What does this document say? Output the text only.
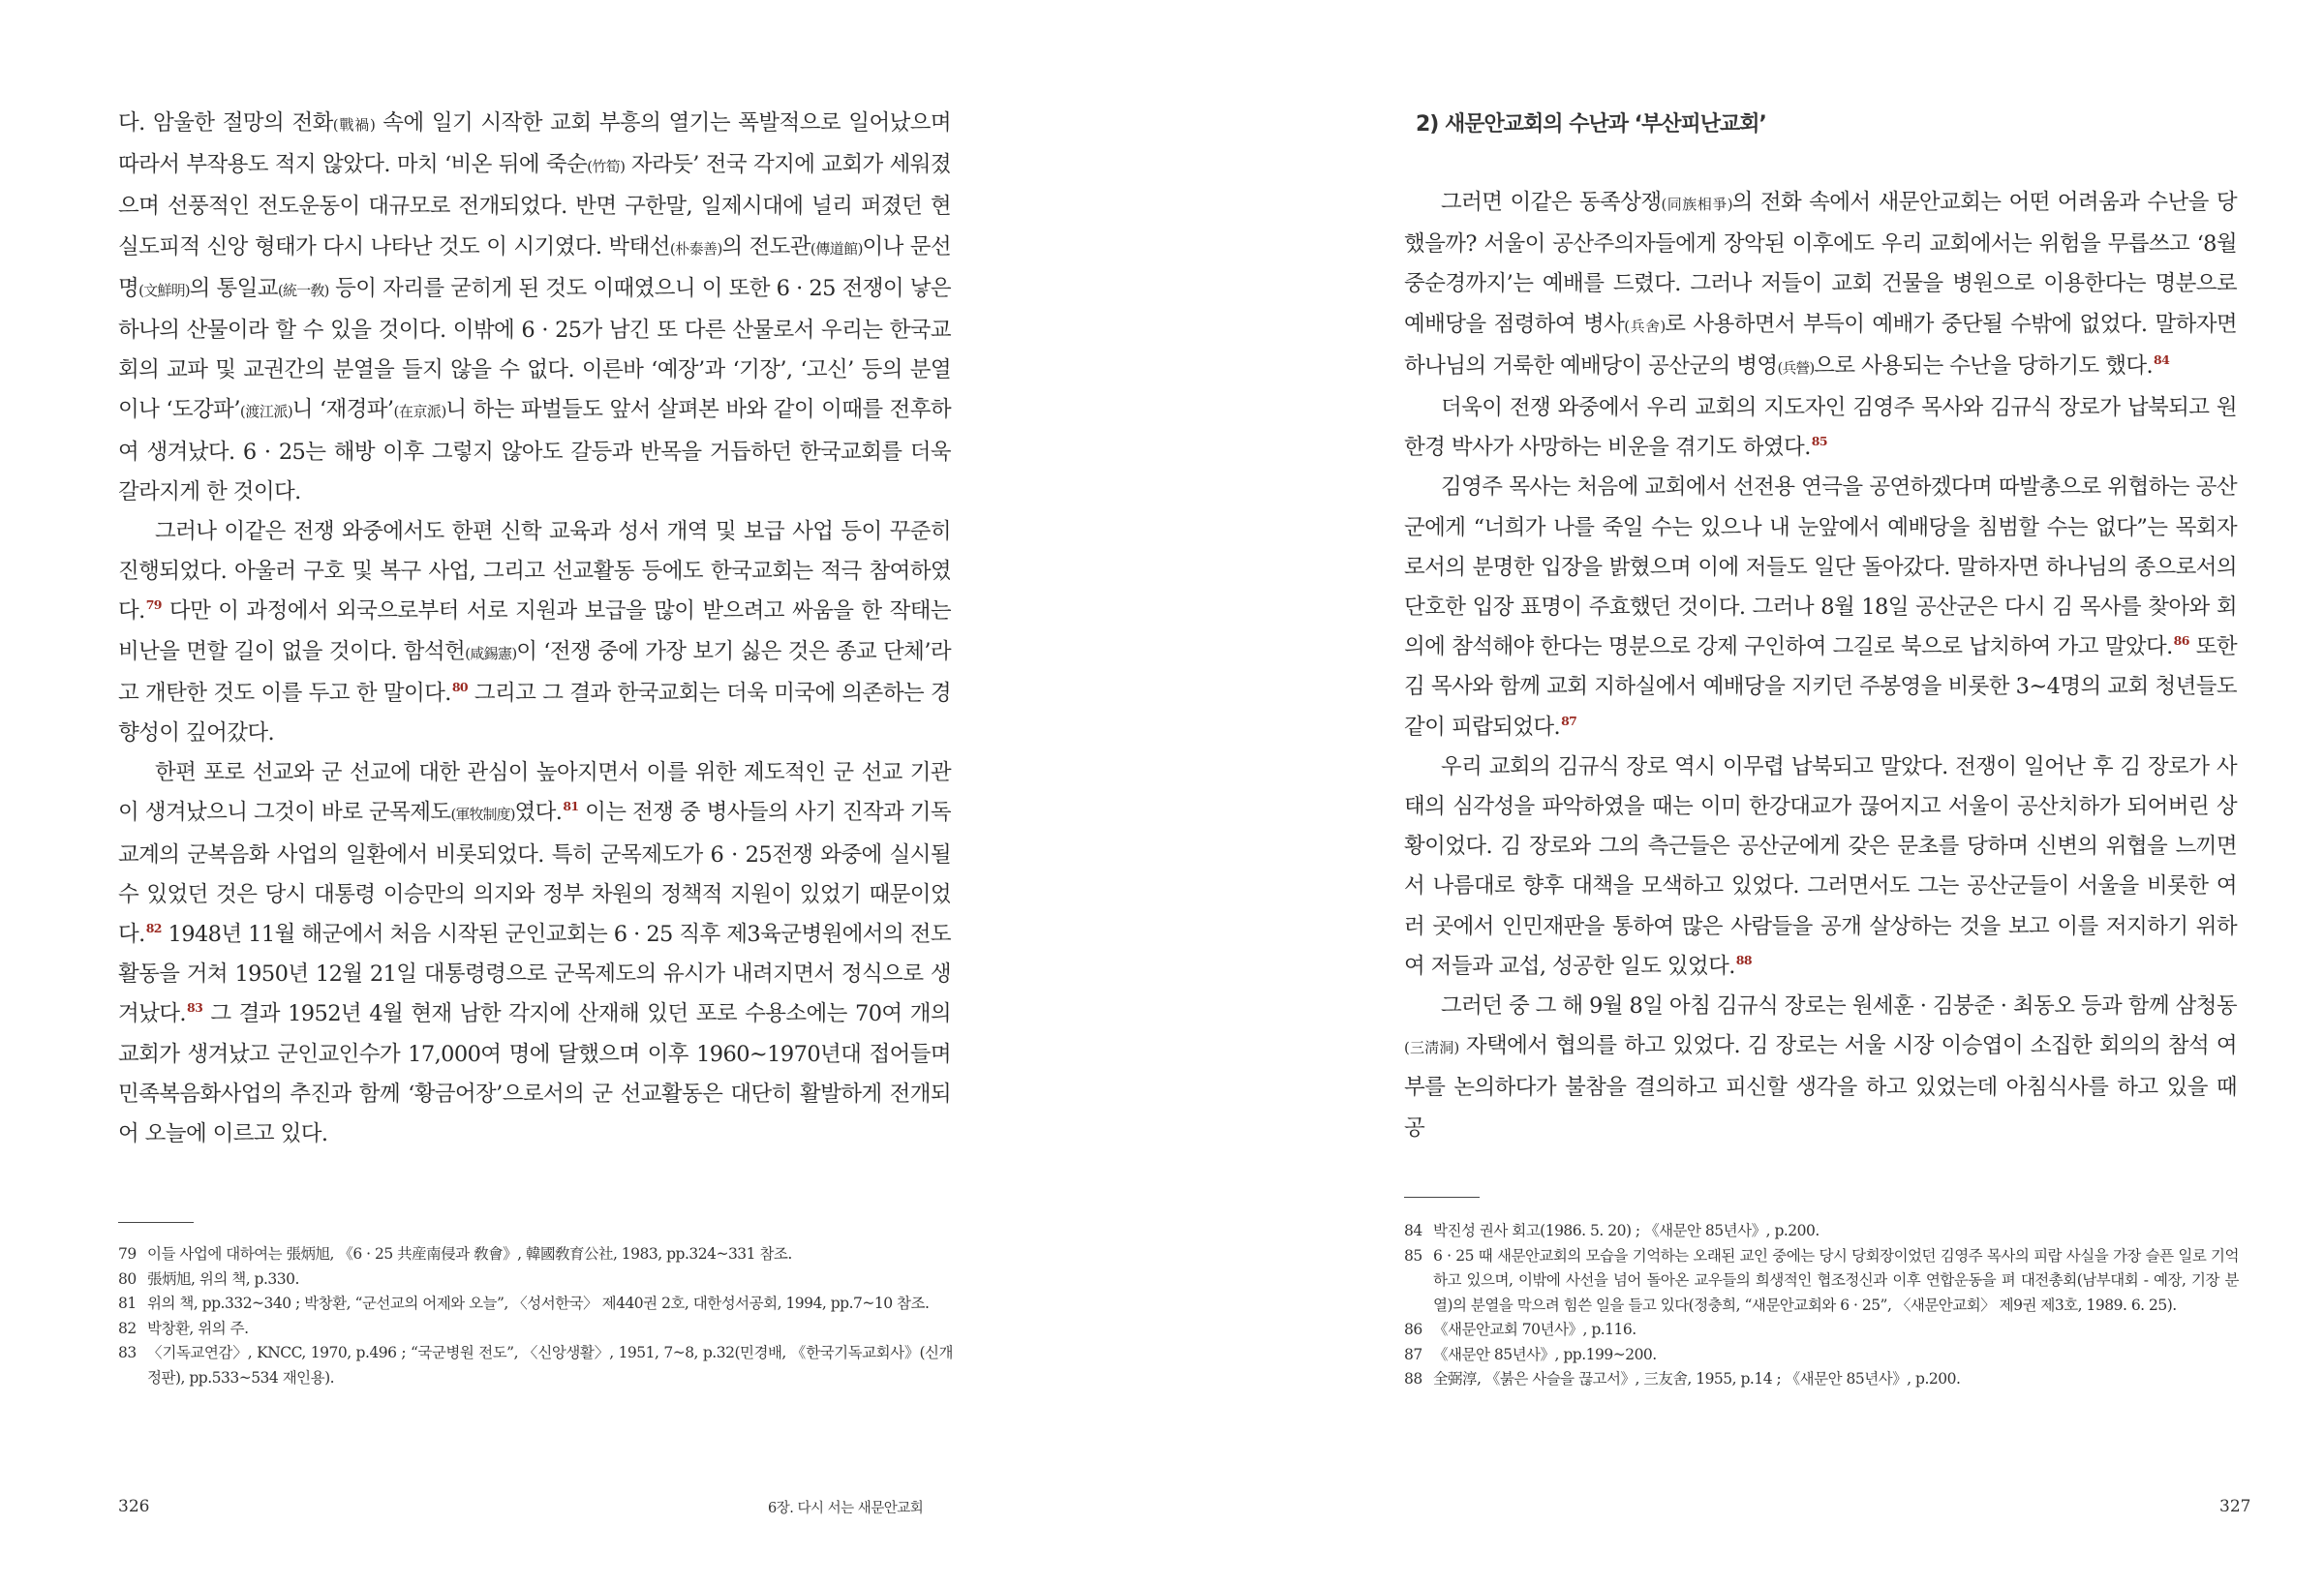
다. 암울한 절망의 전화(戰禍) 속에 일기 시작한 교회 부흥의 열기는 폭발적으로 일어났으며 따라서 부작용도 적지 않았다. 마치 ‘비온 뒤에 죽순(竹筍) 자라듯’ 전국 각지에 교회가 세워졌으며 선풍적인 전도운동이 대규모로 전개되었다. 반면 구한말, 일제시대에 널리 퍼졌던 현실도피적 신앙 형태가 다시 나타난 것도 이 시기였다. 박태선(朴泰善)의 전도관(傳道館)이나 문선명(文鮮明)의 통일교(統一敎) 등이 자리를 굳히게 된 것도 이때였으니 이 또한 6 · 25 전쟁이 낳은 하나의 산물이라 할 수 있을 것이다. 이밖에 6 · 25가 남긴 또 다른 산물로서 우리는 한국교회의 교파 및 교권간의 분열을 들지 않을 수 없다. 이른바 ‘예장’과 ‘기장’, ‘고신’ 등의 분열이나 ‘도강파’(渡江派)니 ‘재경파’(在京派)니 하는 파벌들도 앞서 살펴본 바와 같이 이때를 전후하여 생겨났다. 6 · 25는 해방 이후 그렇지 않아도 갈등과 반목을 거듭하던 한국교회를 더욱 갈라지게 한 것이다.

그러나 이같은 전쟁 와중에서도 한편 신학 교육과 성서 개역 및 보급 사업 등이 꾸준히 진행되었다. 아울러 구호 및 복구 사업, 그리고 선교활동 등에도 한국교회는 적극 참여하였다.$^{79}$ 다만 이 과정에서 외국으로부터 서로 지원과 보급을 많이 받으려고 싸움을 한 작태는 비난을 면할 길이 없을 것이다. 함석헌(咸錫憲)이 ‘전쟁 중에 가장 보기 싫은 것은 종교 단체’라고 개탄한 것도 이를 두고 한 말이다.$^{80}$ 그리고 그 결과 한국교회는 더욱 미국에 의존하는 경향성이 깊어갔다.

한편 포로 선교와 군 선교에 대한 관심이 높아지면서 이를 위한 제도적인 군 선교 기관이 생겨났으니 그것이 바로 군목제도(軍牧制度)였다.$^{81}$ 이는 전쟁 중 병사들의 사기 진작과 기독교계의 군복음화 사업의 일환에서 비롯되었다. 특히 군목제도가 6 · 25전쟁 와중에 실시될 수 있었던 것은 당시 대통령 이승만의 의지와 정부 차원의 정책적 지원이 있었기 때문이었다.$^{82}$ 1948년 11월 해군에서 처음 시작된 군인교회는 6 · 25 직후 제3육군병원에서의 전도활동을 거쳐 1950년 12월 21일 대통령령으로 군목제도의 유시가 내려지면서 정식으로 생겨났다.$^{83}$ 그 결과 1952년 4월 현재 남한 각지에 산재해 있던 포로 수용소에는 70여 개의 교회가 생겨났고 군인교인수가 17,000여 명에 달했으며 이후 1960~1970년대 접어들며 민족복음화사업의 추진과 함께 ‘황금어장’으로서의 군 선교활동은 대단히 활발하게 전개되어 오늘에 이르고 있다.

79 이들 사업에 대하여는 張炳旭, 《6 · 25 共産南侵과 敎會》, 韓國敎育公社, 1983, pp.324~331 참조.
80 張炳旭, 위의 책, p.330.
81 위의 책, pp.332~340 ; 박창환, “군선교의 어제와 오늘”, 〈성서한국〉 제440권 2호, 대한성서공회, 1994, pp.7~10 참조.
82 박창환, 위의 주.
83 〈기독교연감〉, KNCC, 1970, p.496 ; “국군병원 전도”, 〈신앙생활〉, 1951, 7~8, p.32(민경배, 《한국기독교회사》(신개정판), pp.533~534 재인용).
326	6장. 다시 서는 새문안교회

그러면 이같은 동족상쟁(同族相爭)의 전화 속에서 새문안교회는 어떤 어려움과 수난을 당했을까? 서울이 공산주의자들에게 장악된 이후에도 우리 교회에서는 위험을 무릅쓰고 ‘8월 중순경까지’는 예배를 드렸다. 그러나 저들이 교회 건물을 병원으로 이용한다는 명분으로 예배당을 점령하여 병사(兵舍)로 사용하면서 부득이 예배가 중단될 수밖에 없었다. 말하자면 하나님의 거룩한 예배당이 공산군의 병영(兵營)으로 사용되는 수난을 당하기도 했다.$^{84}$

더욱이 전쟁 와중에서 우리 교회의 지도자인 김영주 목사와 김규식 장로가 납북되고 원한경 박사가 사망하는 비운을 겪기도 하였다.$^{85}$

김영주 목사는 처음에 교회에서 선전용 연극을 공연하겠다며 따발총으로 위협하는 공산군에게 “너희가 나를 죽일 수는 있으나 내 눈앞에서 예배당을 침범할 수는 없다”는 목회자로서의 분명한 입장을 밝혔으며 이에 저들도 일단 돌아갔다. 말하자면 하나님의 종으로서의 단호한 입장 표명이 주효했던 것이다. 그러나 8월 18일 공산군은 다시 김 목사를 찾아와 회의에 참석해야 한다는 명분으로 강제 구인하여 그길로 북으로 납치하여 가고 말았다.$^{86}$ 또한 김 목사와 함께 교회 지하실에서 예배당을 지키던 주봉영을 비롯한 3~4명의 교회 청년들도 같이 피랍되었다.$^{87}$

우리 교회의 김규식 장로 역시 이무렵 납북되고 말았다. 전쟁이 일어난 후 김 장로가 사태의 심각성을 파악하였을 때는 이미 한강대교가 끊어지고 서울이 공산치하가 되어버린 상황이었다. 김 장로와 그의 측근들은 공산군에게 갖은 문초를 당하며 신변의 위협을 느끼면서 나름대로 향후 대책을 모색하고 있었다. 그러면서도 그는 공산군들이 서울을 비롯한 여러 곳에서 인민재판을 통하여 많은 사람들을 공개 살상하는 것을 보고 이를 저지하기 위하여 저들과 교섭, 성공한 일도 있었다.$^{88}$

그러던 중 그 해 9월 8일 아침 김규식 장로는 원세훈 · 김붕준 · 최동오 등과 함께 삼청동(三淸洞) 자택에서 협의를 하고 있었다. 김 장로는 서울 시장 이승엽이 소집한 회의의 참석 여부를 논의하다가 불참을 결의하고 피신할 생각을 하고 있었는데 아침식사를 하고 있을 때 공

84 박진성 권사 회고(1986. 5. 20) ; 《새문안 85년사》, p.200.
85 6 · 25 때 새문안교회의 모습을 기억하는 오래된 교인 중에는 당시 당회장이었던 김영주 목사의 피랍 사실을 가장 슬픈 일로 기억하고 있으며, 이밖에 사선을 넘어 돌아온 교우들의 희생적인 협조정신과 이후 연합운동을 펴 대전총회(남부대회 - 예장, 기장 분열)의 분열을 막으려 힘쓴 일을 들고 있다(정충희, “새문안교회와 6 · 25”, 〈새문안교회〉 제9권 제3호, 1989. 6. 25).
86 《새문안교회 70년사》, p.116.
87 《새문안 85년사》, pp.199~200.
88 全弼淳, 《붉은 사슬을 끊고서》, 三友舍, 1955, p.14 ; 《새문안 85년사》, p.200.
327
2) 새문안교회의 수난과 ‘부산피난교회’
